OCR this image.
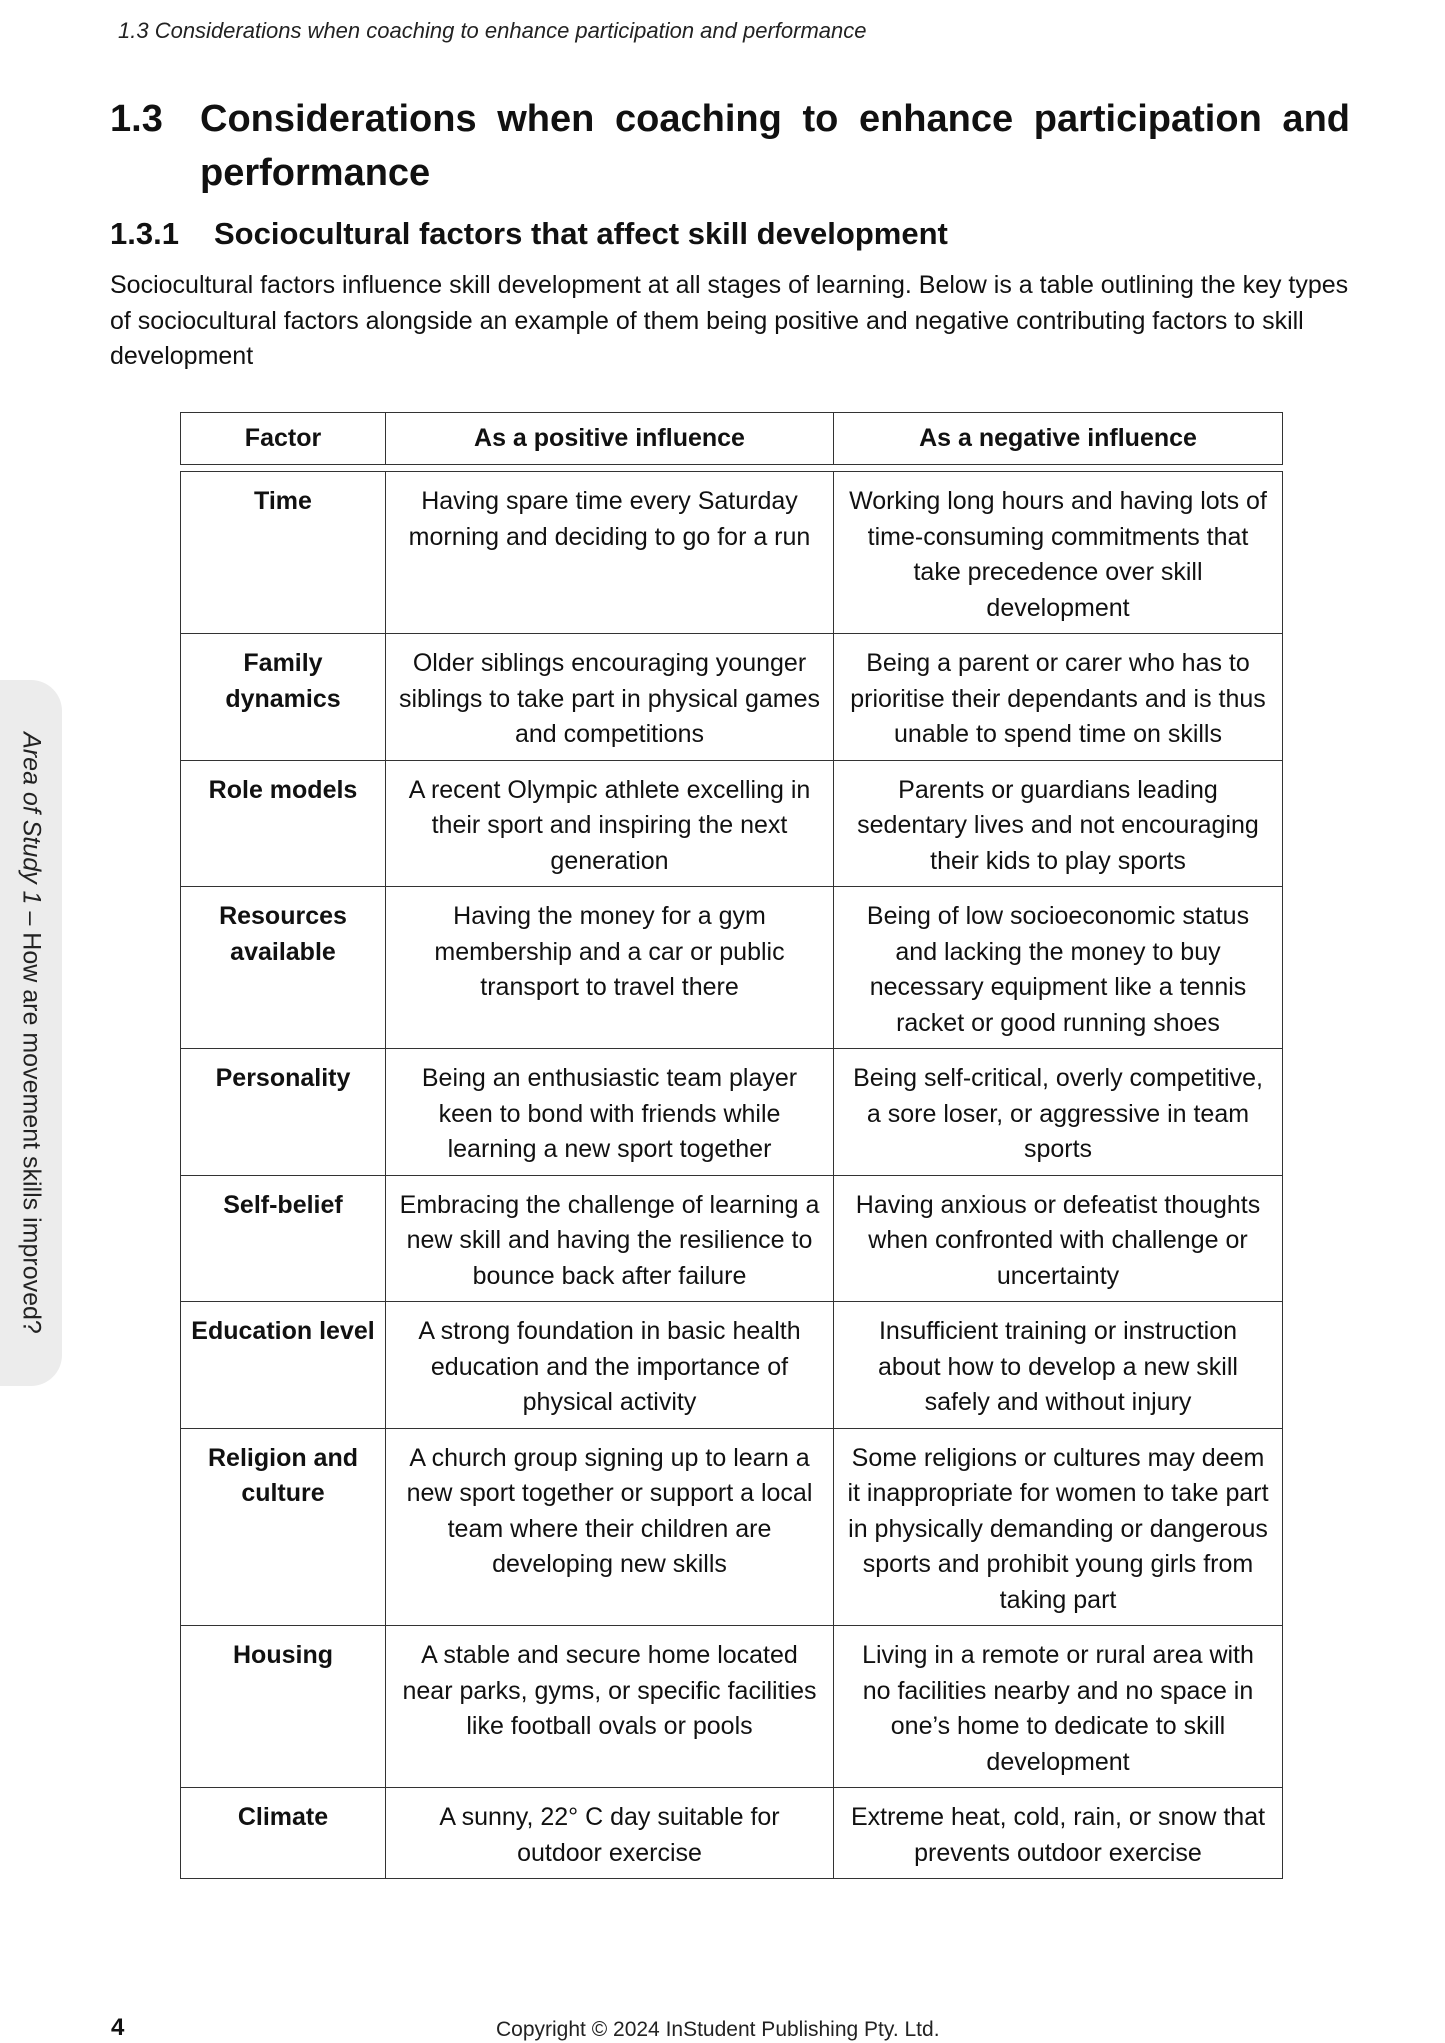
1.3 Considerations when coaching to enhance participation and performance
1.3 Considerations when coaching to enhance participation and performance
1.3.1	Sociocultural factors that affect skill development

Sociocultural factors influence skill development at all stages of learning. Below is a table outlining the key types of sociocultural factors alongside an example of them being positive and negative contributing factors to skill development

Factor	As a positive influence	As a negative influence

Time	Having spare time every Saturday morning and deciding to go for a run	Working long hours and having lots of time-consuming commitments that take precedence over skill development
Family dynamics	Older siblings encouraging younger siblings to take part in physical games and competitions	Being a parent or carer who has to prioritise their dependants and is thus unable to spend time on skills
Role models	A recent Olympic athlete excelling in their sport and inspiring the next generation	Parents or guardians leading sedentary lives and not encouraging their kids to play sports
Resources available	Having the money for a gym membership and a car or public transport to travel there	Being of low socioeconomic status and lacking the money to buy necessary equipment like a tennis racket or good running shoes
Personality	Being an enthusiastic team player keen to bond with friends while learning a new sport together	Being self-critical, overly competitive, a sore loser, or aggressive in team sports
Self-belief	Embracing the challenge of learning a new skill and having the resilience to bounce back after failure	Having anxious or defeatist thoughts when confronted with challenge or uncertainty
Education level	A strong foundation in basic health education and the importance of physical activity	Insufficient training or instruction about how to develop a new skill safely and without injury
Religion and culture	A church group signing up to learn a new sport together or support a local team where their children are developing new skills	Some religions or cultures may deem it inappropriate for women to take part in physically demanding or dangerous sports and prohibit young girls from taking part
Housing	A stable and secure home located near parks, gyms, or specific facilities like football ovals or pools	Living in a remote or rural area with no facilities nearby and no space in one’s home to dedicate to skill development
Climate	A sunny, 22° C day suitable for outdoor exercise	Extreme heat, cold, rain, or snow that prevents outdoor exercise
Area of Study 1 – How are movement skills improved?
4	Copyright © 2024 InStudent Publishing Pty. Ltd.
